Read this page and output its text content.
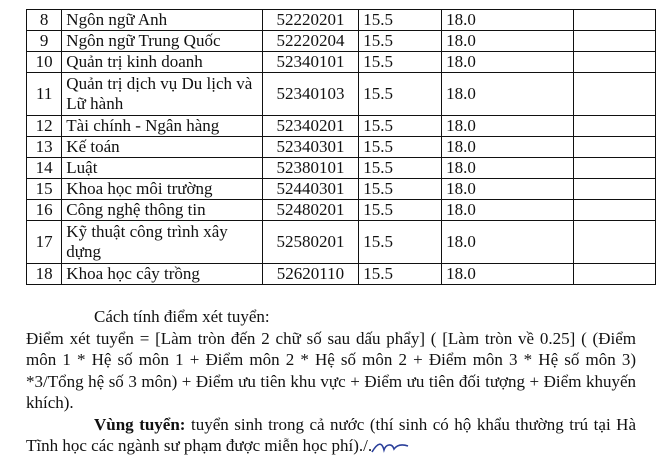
8	Ngôn ngữ Anh	52220201	15.5	18.0	
9	Ngôn ngữ Trung Quốc	52220204	15.5	18.0	
10	Quản trị kinh doanh	52340101	15.5	18.0	
11	Quản trị dịch vụ Du lịch và Lữ hành	52340103	15.5	18.0	
12	Tài chính - Ngân hàng	52340201	15.5	18.0	
13	Kế toán	52340301	15.5	18.0	
14	Luật	52380101	15.5	18.0	
15	Khoa học môi trường	52440301	15.5	18.0	
16	Công nghệ thông tin	52480201	15.5	18.0	
17	Kỹ thuật công trình xây dựng	52580201	15.5	18.0	
18	Khoa học cây trồng	52620110	15.5	18.0	

Cách tính điểm xét tuyển:

Điểm xét tuyển = [Làm tròn đến 2 chữ số sau dấu phẩy] ( [Làm tròn về 0.25] ( (Điểm môn 1 * Hệ số môn 1 + Điểm môn 2 * Hệ số môn 2 + Điểm môn 3 * Hệ số môn 3) *3/Tổng hệ số 3 môn) + Điểm ưu tiên khu vực + Điểm ưu tiên đối tượng + Điểm khuyến khích).

Vùng tuyển: tuyển sinh trong cả nước (thí sinh có hộ khẩu thường trú tại Hà Tĩnh học các ngành sư phạm được miễn học phí)./.
